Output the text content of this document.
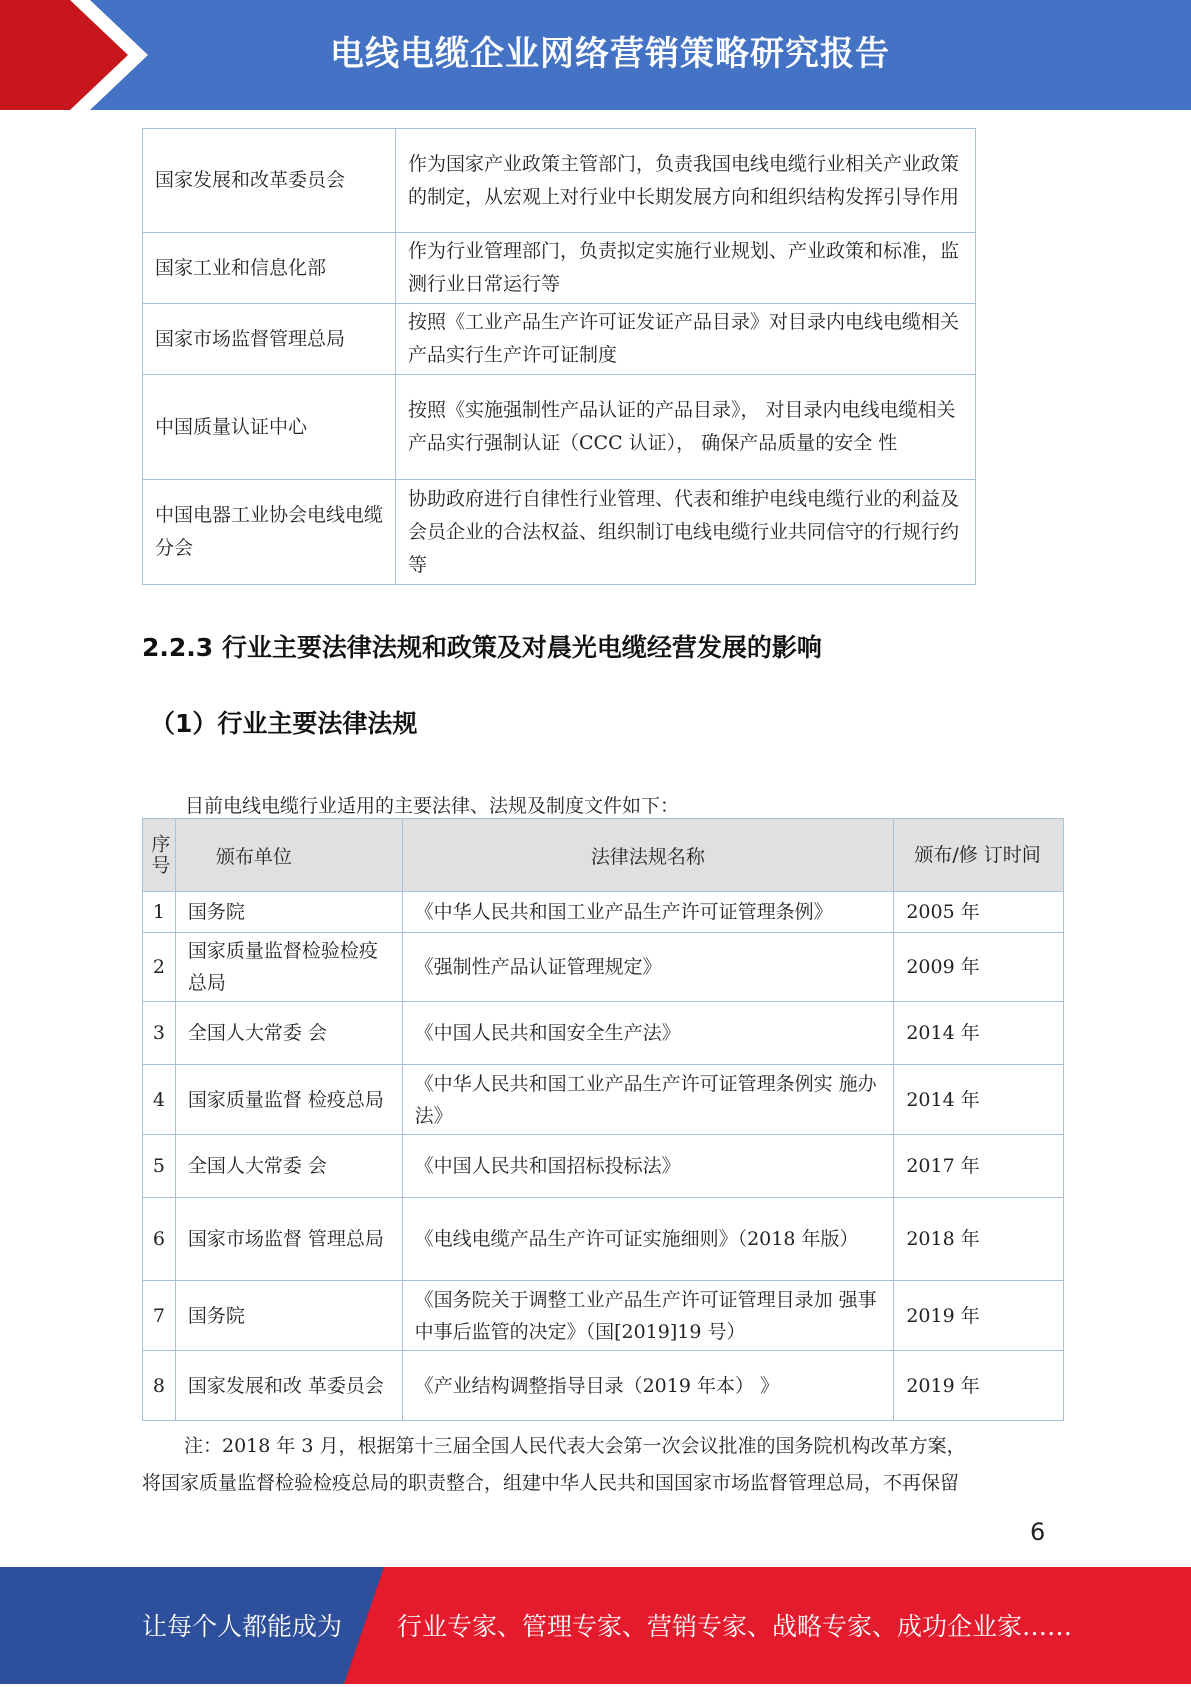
电线电缆企业网络营销策略研究报告
国家发展和改革委员会	作为国家产业政策主管部门，负责我国电线电缆行业相关产业政策的制定，从宏观上对行业中长期发展方向和组织结构发挥引导作用
国家工业和信息化部	作为行业管理部门，负责拟定实施行业规划、产业政策和标准，监测行业日常运行等
国家市场监督管理总局	按照《工业产品生产许可证发证产品目录》对目录内电线电缆相关产品实行生产许可证制度
中国质量认证中心	按照《实施强制性产品认证的产品目录》， 对目录内电线电缆相关产品实行强制认证（CCC 认证）， 确保产品质量的安全 性
中国电器工业协会电线电缆分会	协助政府进行自律性行业管理、代表和维护电线电缆行业的利益及会员企业的合法权益、组织制订电线电缆行业共同信守的行规行约等
2.2.3 行业主要法律法规和政策及对晨光电缆经营发展的影响
（1）行业主要法律法规
目前电线电缆行业适用的主要法律、法规及制度文件如下：
序号	颁布单位	法律法规名称	颁布/修 订时间
1	国务院	《中华人民共和国工业产品生产许可证管理条例》	2005 年
2	国家质量监督检验检疫总局	《强制性产品认证管理规定》	2009 年
3	全国人大常委 会	《中国人民共和国安全生产法》	2014 年
4	国家质量监督 检疫总局	《中华人民共和国工业产品生产许可证管理条例实 施办法》	2014 年
5	全国人大常委 会	《中国人民共和国招标投标法》	2017 年
6	国家市场监督 管理总局	《电线电缆产品生产许可证实施细则》（2018 年版）	2018 年
7	国务院	《国务院关于调整工业产品生产许可证管理目录加 强事中事后监管的决定》（国[2019]19 号）	2019 年
8	国家发展和改 革委员会	《产业结构调整指导目录（2019 年本） 》	2019 年
注：2018 年 3 月，根据第十三届全国人民代表大会第一次会议批准的国务院机构改革方案，
将国家质量监督检验检疫总局的职责整合，组建中华人民共和国国家市场监督管理总局，不再保留
6
让每个人都能成为 行业专家、管理专家、营销专家、战略专家、成功企业家……
